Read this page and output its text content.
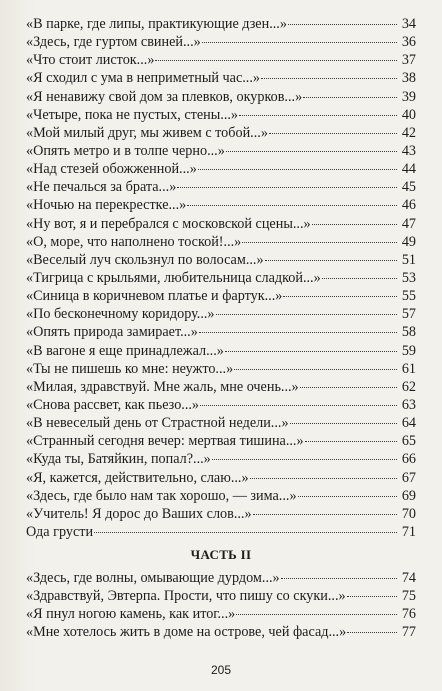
«В парке, где липы, практикующие дзен...»	34
«Здесь, где гуртом свиней...»	36
«Что стоит листок...»	37
«Я сходил с ума в неприметный час...»	38
«Я ненавижу свой дом за плевков, окурков...»	39
«Четыре, пока не пустых, стены...»	40
«Мой милый друг, мы живем с тобой...»	42
«Опять метро и в толпе черно...»	43
«Над стезей обожженной...»	44
«Не печалься за брата...»	45
«Ночью на перекрестке...»	46
«Ну вот, я и перебрался с московской сцены...»	47
«О, море, что наполнено тоской!...»	49
«Веселый луч скользнул по волосам...»	51
«Тигрица с крыльями, любительница сладкой...»	53
«Синица в коричневом платье и фартук...»	55
«По бесконечному коридору...»	57
«Опять природа замирает...»	58
«В вагоне я еще принадлежал...»	59
«Ты не пишешь ко мне: неужто...»	61
«Милая, здравствуй. Мне жаль, мне очень...»	62
«Снова рассвет, как пьезо...»	63
«В невеселый день от Страстной недели...»	64
«Странный сегодня вечер: мертвая тишина...»	65
«Куда ты, Батяйкин, попал?...»	66
«Я, кажется, действительно, слаю...»	67
«Здесь, где было нам так хорошо, — зима...»	69
«Учитель! Я дорос до Ваших слов...»	70
Ода грусти	71
ЧАСТЬ II
«Здесь, где волны, омывающие дурдом...»	74
«Здравствуй, Эвтерпа. Прости, что пишу со скуки...»	75
«Я пнул ногою камень, как итог...»	76
«Мне хотелось жить в доме на острове, чей фасад...»	77
205
